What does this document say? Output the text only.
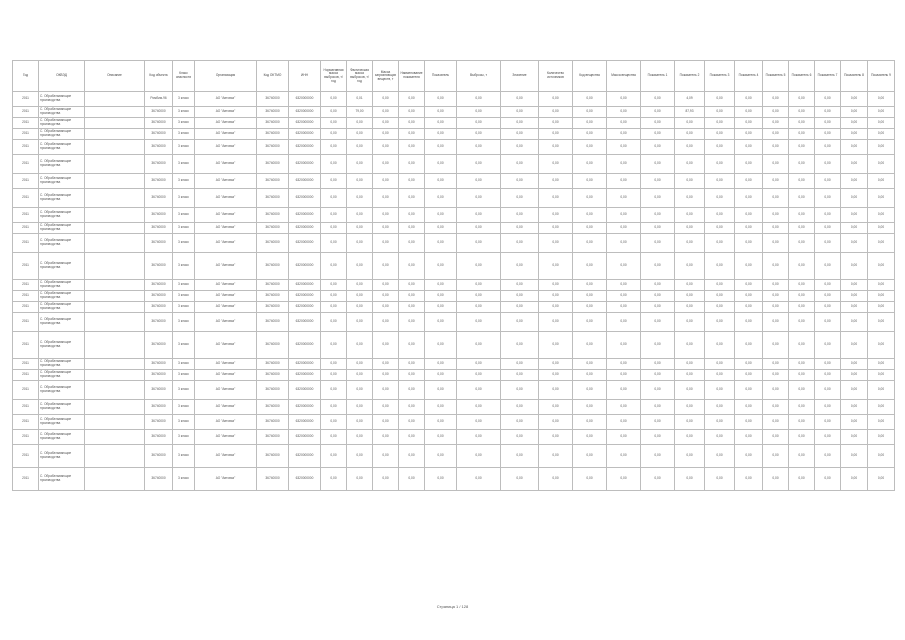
Год	ОКВЭД	Описание	Код объекта	Класс опасности	Организация	Код ОКТМО	ИНН	Нормативная масса выбросов, т/год	Фактическая масса выбросов, т/год	Масса загрязняющих веществ, т	Наименование показателя	Показатель	Выбросы, т	Значение	Количество источников	Код вещества	Масса вещества	Показатель 1	Показатель 2	Показатель 3	Показатель 4	Показатель 5	Показатель 6	Показатель 7	Показатель 8	Показатель 9
2011	С. Обрабатывающие производства		Ромбим-96	3 класс	АО "Автоваз"	36740000	6320000000	0,00	0,01	0,00	0,00	0,00	0,00	0,00	0,00	0,00	0,00	0,00	4,09	0,00	0,00	0,00	0,00	0,00	0,00	0,00
2011	С. Обрабатывающие производства		36740000	3 класс	АО "Автоваз"	36740000	6320000000	0,00	79,00	0,00	0,00	0,00	0,00	0,00	0,00	0,00	0,00	0,00	87,93	0,00	0,00	0,00	0,00	0,00	0,00	0,00
2011	С. Обрабатывающие производства		36740000	3 класс	АО "Автоваз"	36740000	6320000000	0,00	0,00	0,00	0,00	0,00	0,00	0,00	0,00	0,00	0,00	0,00	0,00	0,00	0,00	0,00	0,00	0,00	0,00	0,00
2011	С. Обрабатывающие производства		36740000	3 класс	АО "Автоваз"	36740000	6320000000	0,00	0,00	0,00	0,00	0,00	0,00	0,00	0,00	0,00	0,00	0,00	0,00	0,00	0,00	0,00	0,00	0,00	0,00	0,00
2011	С. Обрабатывающие производства		36740000	3 класс	АО "Автоваз"	36740000	6320000000	0,00	0,00	0,00	0,00	0,00	0,00	0,00	0,00	0,00	0,00	0,00	0,00	0,00	0,00	0,00	0,00	0,00	0,00	0,00
2011	С. Обрабатывающие производства		36740000	3 класс	АО "Автоваз"	36740000	6320000000	0,00	0,00	0,00	0,00	0,00	0,00	0,00	0,00	0,00	0,00	0,00	0,00	0,00	0,00	0,00	0,00	0,00	0,00	0,00
2011	С. Обрабатывающие производства		36740000	3 класс	АО "Автоваз"	36740000	6320000000	0,00	0,00	0,00	0,00	0,00	0,00	0,00	0,00	0,00	0,00	0,00	0,00	0,00	0,00	0,00	0,00	0,00	0,00	0,00
2011	С. Обрабатывающие производства		36740000	3 класс	АО "Автоваз"	36740000	6320000000	0,00	0,00	0,00	0,00	0,00	0,00	0,00	0,00	0,00	0,00	0,00	0,00	0,00	0,00	0,00	0,00	0,00	0,00	0,00
2011	С. Обрабатывающие производства		36740000	3 класс	АО "Автоваз"	36740000	6320000000	0,00	0,00	0,00	0,00	0,00	0,00	0,00	0,00	0,00	0,00	0,00	0,00	0,00	0,00	0,00	0,00	0,00	0,00	0,00
2011	С. Обрабатывающие производства		36740000	3 класс	АО "Автоваз"	36740000	6320000000	0,00	0,00	0,00	0,00	0,00	0,00	0,00	0,00	0,00	0,00	0,00	0,00	0,00	0,00	0,00	0,00	0,00	0,00	0,00
2011	С. Обрабатывающие производства		36740000	3 класс	АО "Автоваз"	36740000	6320000000	0,00	0,00	0,00	0,00	0,00	0,00	0,00	0,00	0,00	0,00	0,00	0,00	0,00	0,00	0,00	0,00	0,00	0,00	0,00
2011	С. Обрабатывающие производства		36740000	3 класс	АО "Автоваз"	36740000	6320000000	0,00	0,00	0,00	0,00	0,00	0,00	0,00	0,00	0,00	0,00	0,00	0,00	0,00	0,00	0,00	0,00	0,00	0,00	0,00
2011	С. Обрабатывающие производства		36740000	3 класс	АО "Автоваз"	36740000	6320000000	0,00	0,00	0,00	0,00	0,00	0,00	0,00	0,00	0,00	0,00	0,00	0,00	0,00	0,00	0,00	0,00	0,00	0,00	0,00
2011	С. Обрабатывающие производства		36740000	3 класс	АО "Автоваз"	36740000	6320000000	0,00	0,00	0,00	0,00	0,00	0,00	0,00	0,00	0,00	0,00	0,00	0,00	0,00	0,00	0,00	0,00	0,00	0,00	0,00
2011	С. Обрабатывающие производства		36740000	3 класс	АО "Автоваз"	36740000	6320000000	0,00	0,00	0,00	0,00	0,00	0,00	0,00	0,00	0,00	0,00	0,00	0,00	0,00	0,00	0,00	0,00	0,00	0,00	0,00
2011	С. Обрабатывающие производства		36740000	3 класс	АО "Автоваз"	36740000	6320000000	0,00	0,00	0,00	0,00	0,00	0,00	0,00	0,00	0,00	0,00	0,00	0,00	0,00	0,00	0,00	0,00	0,00	0,00	0,00
2011	С. Обрабатывающие производства		36740000	3 класс	АО "Автоваз"	36740000	6320000000	0,00	0,00	0,00	0,00	0,00	0,00	0,00	0,00	0,00	0,00	0,00	0,00	0,00	0,00	0,00	0,00	0,00	0,00	0,00
2011	С. Обрабатывающие производства		36740000	3 класс	АО "Автоваз"	36740000	6320000000	0,00	0,00	0,00	0,00	0,00	0,00	0,00	0,00	0,00	0,00	0,00	0,00	0,00	0,00	0,00	0,00	0,00	0,00	0,00
2011	С. Обрабатывающие производства		36740000	3 класс	АО "Автоваз"	36740000	6320000000	0,00	0,00	0,00	0,00	0,00	0,00	0,00	0,00	0,00	0,00	0,00	0,00	0,00	0,00	0,00	0,00	0,00	0,00	0,00
2011	С. Обрабатывающие производства		36740000	3 класс	АО "Автоваз"	36740000	6320000000	0,00	0,00	0,00	0,00	0,00	0,00	0,00	0,00	0,00	0,00	0,00	0,00	0,00	0,00	0,00	0,00	0,00	0,00	0,00
2011	С. Обрабатывающие производства		36740000	3 класс	АО "Автоваз"	36740000	6320000000	0,00	0,00	0,00	0,00	0,00	0,00	0,00	0,00	0,00	0,00	0,00	0,00	0,00	0,00	0,00	0,00	0,00	0,00	0,00
2011	С. Обрабатывающие производства		36740000	3 класс	АО "Автоваз"	36740000	6320000000	0,00	0,00	0,00	0,00	0,00	0,00	0,00	0,00	0,00	0,00	0,00	0,00	0,00	0,00	0,00	0,00	0,00	0,00	0,00
2011	С. Обрабатывающие производства		36740000	3 класс	АО "Автоваз"	36740000	6320000000	0,00	0,00	0,00	0,00	0,00	0,00	0,00	0,00	0,00	0,00	0,00	0,00	0,00	0,00	0,00	0,00	0,00	0,00	0,00
2011	С. Обрабатывающие производства		36740000	3 класс	АО "Автоваз"	36740000	6320000000	0,00	0,00	0,00	0,00	0,00	0,00	0,00	0,00	0,00	0,00	0,00	0,00	0,00	0,00	0,00	0,00	0,00	0,00	0,00
2011	С. Обрабатывающие производства		36740000	3 класс	АО "Автоваз"	36740000	6320000000	0,00	0,00	0,00	0,00	0,00	0,00	0,00	0,00	0,00	0,00	0,00	0,00	0,00	0,00	0,00	0,00	0,00	0,00	0,00
Страница 1 / 128
